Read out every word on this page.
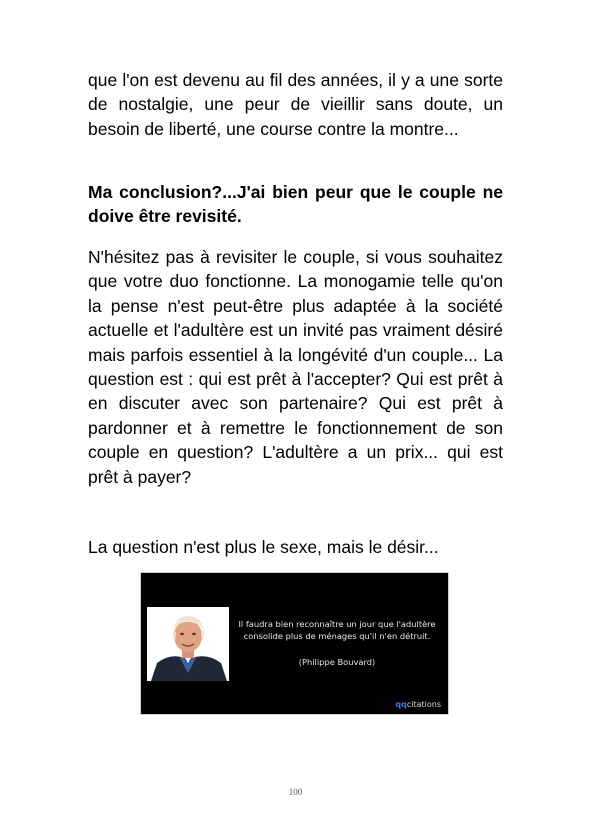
que l'on est devenu au fil des années, il y a une sorte de nostalgie, une peur de vieillir sans doute, un besoin de liberté, une course contre la montre...

Ma conclusion?...J'ai bien peur que le couple ne doive être revisité.

N'hésitez pas à revisiter le couple, si vous souhaitez que votre duo fonctionne. La monogamie telle qu'on la pense n'est peut-être plus adaptée à la société actuelle et l'adultère est un invité pas vraiment désiré mais parfois essentiel à la longévité d'un couple... La question est : qui est prêt à l'accepter? Qui est prêt à en discuter avec son partenaire? Qui est prêt à pardonner et à remettre le fonctionnement de son couple en question? L'adultère a un prix... qui est prêt à payer?

La question n'est plus le sexe, mais le désir...

Il faudra bien reconnaître un jour que l'adultère consolide plus de ménages qu'il n'en détruit.

(Philippe Bouvard)
qqcitations
100
